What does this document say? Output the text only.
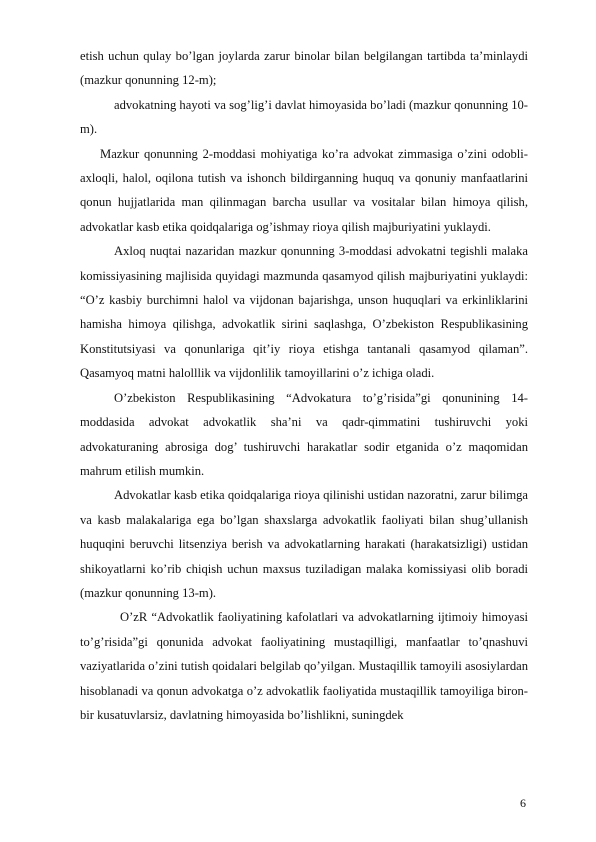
etish uchun qulay bo’lgan joylarda zarur binolar bilan belgilangan tartibda ta’minlaydi (mazkur qonunning 12-m);

advokatning hayoti va sog’lig’i davlat himoyasida bo’ladi (mazkur qonunning 10-m).

Mazkur qonunning 2-moddasi mohiyatiga ko’ra advokat zimmasiga o’zini odobli-axloqli, halol, oqilona tutish va ishonch bildirganning huquq va qonuniy manfaatlarini qonun hujjatlarida man qilinmagan barcha usullar va vositalar bilan himoya qilish, advokatlar kasb etika qoidqalariga og’ishmay rioya qilish majburiyatini yuklaydi.

Axloq nuqtai nazaridan mazkur qonunning 3-moddasi advokatni tegishli malaka komissiyasining majlisida quyidagi mazmunda qasamyod qilish majburiyatini yuklaydi: “O’z kasbiy burchimni halol va vijdonan bajarishga, unson huquqlari va erkinliklarini hamisha himoya qilishga, advokatlik sirini saqlashga, O’zbekiston Respublikasining Konstitutsiyasi va qonunlariga qit’iy rioya etishga tantanali qasamyod qilaman”. Qasamyoq matni halolllik va vijdonlilik tamoyillarini o’z ichiga oladi.

O’zbekiston Respublikasining “Advokatura to’g’risida”gi qonunining 14-moddasida advokat advokatlik sha’ni va qadr-qimmatini tushiruvchi yoki advokaturaning abrosiga dog’ tushiruvchi harakatlar sodir etganida o’z maqomidan mahrum etilish mumkin.

Advokatlar kasb etika qoidqalariga rioya qilinishi ustidan nazoratni, zarur bilimga va kasb malakalariga ega bo’lgan shaxslarga advokatlik faoliyati bilan shug’ullanish huquqini beruvchi litsenziya berish va advokatlarning harakati (harakatsizligi) ustidan shikoyatlarni ko’rib chiqish uchun maxsus tuziladigan malaka komissiyasi olib boradi (mazkur qonunning 13-m).

O’zR “Advokatlik faoliyatining kafolatlari va advokatlarning ijtimoiy himoyasi to’g’risida”gi qonunida advokat faoliyatining mustaqilligi, manfaatlar to’qnashuvi vaziyatlarida o’zini tutish qoidalari belgilab qo’yilgan. Mustaqillik tamoyili asosiylardan hisoblanadi va qonun advokatga o’z advokatlik faoliyatida mustaqillik tamoyiliga biron-bir kusatuvlarsiz, davlatning himoyasida bo’lishlikni, suningdek

6
